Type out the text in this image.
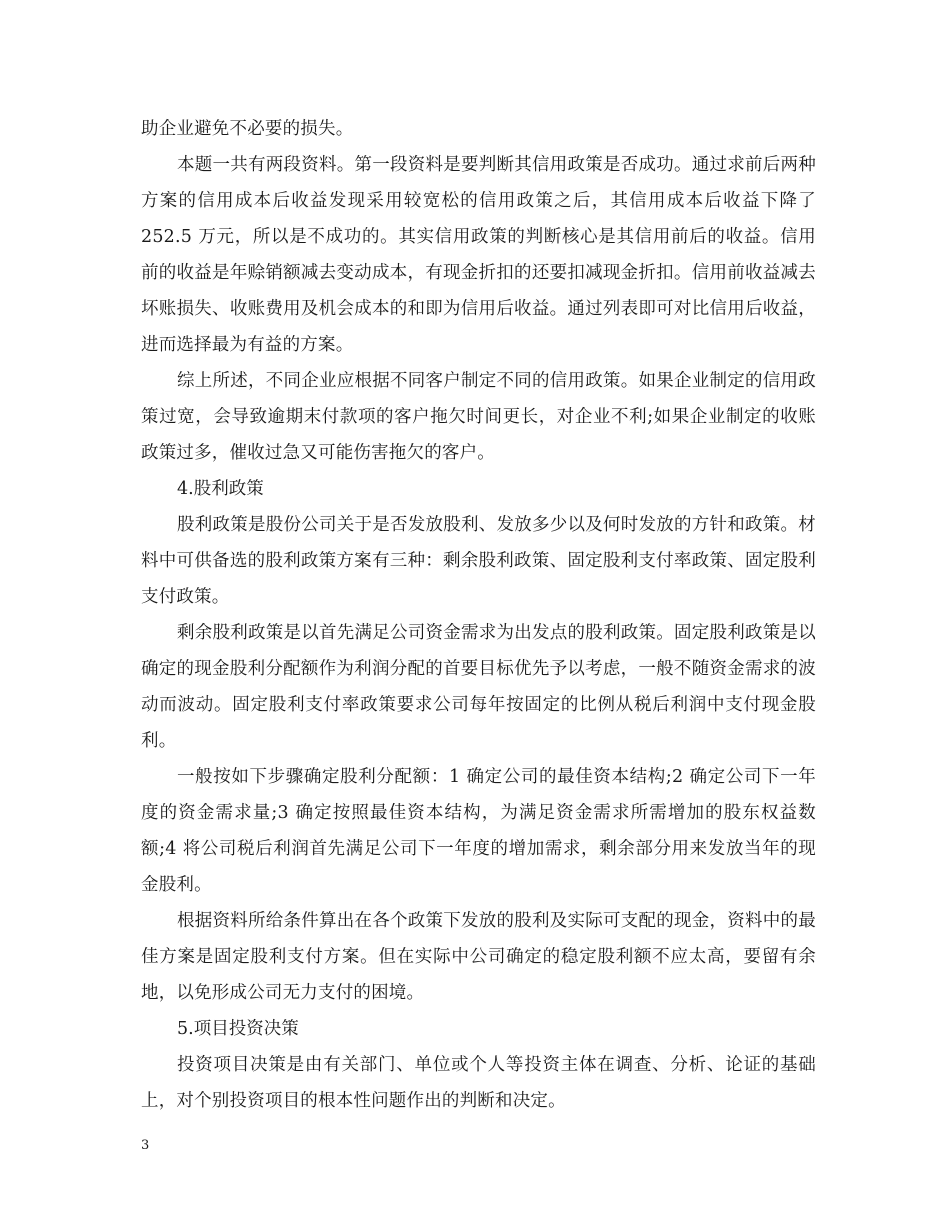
助企业避免不必要的损失。

本题一共有两段资料。第一段资料是要判断其信用政策是否成功。通过求前后两种方案的信用成本后收益发现采用较宽松的信用政策之后，其信用成本后收益下降了 252.5 万元，所以是不成功的。其实信用政策的判断核心是其信用前后的收益。信用前的收益是年赊销额减去变动成本，有现金折扣的还要扣减现金折扣。信用前收益减去坏账损失、收账费用及机会成本的和即为信用后收益。通过列表即可对比信用后收益，进而选择最为有益的方案。

综上所述，不同企业应根据不同客户制定不同的信用政策。如果企业制定的信用政策过宽，会导致逾期末付款项的客户拖欠时间更长，对企业不利;如果企业制定的收账政策过多，催收过急又可能伤害拖欠的客户。

4.股利政策

股利政策是股份公司关于是否发放股利、发放多少以及何时发放的方针和政策。材料中可供备选的股利政策方案有三种：剩余股利政策、固定股利支付率政策、固定股利支付政策。

剩余股利政策是以首先满足公司资金需求为出发点的股利政策。固定股利政策是以确定的现金股利分配额作为利润分配的首要目标优先予以考虑，一般不随资金需求的波动而波动。固定股利支付率政策要求公司每年按固定的比例从税后利润中支付现金股利。

一般按如下步骤确定股利分配额：1 确定公司的最佳资本结构;2 确定公司下一年度的资金需求量;3 确定按照最佳资本结构，为满足资金需求所需增加的股东权益数额;4 将公司税后利润首先满足公司下一年度的增加需求，剩余部分用来发放当年的现金股利。

根据资料所给条件算出在各个政策下发放的股利及实际可支配的现金，资料中的最佳方案是固定股利支付方案。但在实际中公司确定的稳定股利额不应太高，要留有余地，以免形成公司无力支付的困境。

5.项目投资决策

投资项目决策是由有关部门、单位或个人等投资主体在调查、分析、论证的基础上，对个别投资项目的根本性问题作出的判断和决定。

3
